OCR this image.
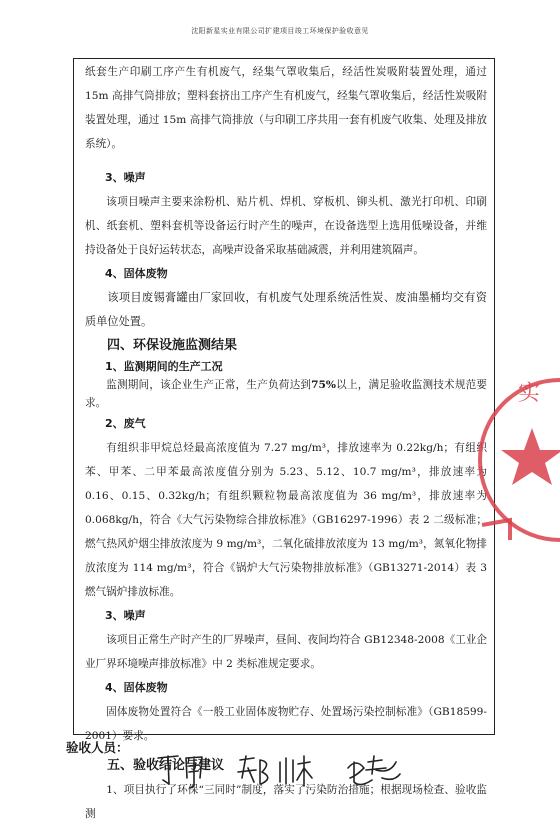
沈阳新星实业有限公司扩建项目竣工环境保护验收意见

纸套生产印刷工序产生有机废气，经集气罩收集后，经活性炭吸附装置处理，通过 15m 高排气筒排放；塑料套挤出工序产生有机废气，经集气罩收集后，经活性炭吸附装置处理，通过 15m 高排气筒排放（与印刷工序共用一套有机废气收集、处理及排放系统）。

3、噪声

该项目噪声主要来涂粉机、贴片机、焊机、穿板机、铆头机、激光打印机、印刷机、纸套机、塑料套机等设备运行时产生的噪声，在设备选型上选用低噪设备，并维持设备处于良好运转状态，高噪声设备采取基础减震，并利用建筑隔声。

4、固体废物

该项目废锡膏罐由厂家回收，有机废气处理系统活性炭、废油墨桶均交有资质单位处置。

四、环保设施监测结果

1、监测期间的生产工况

监测期间，该企业生产正常，生产负荷达到75%以上，满足验收监测技术规范要求。

2、废气

有组织非甲烷总烃最高浓度值为 7.27 mg/m³，排放速率为 0.22kg/h；有组织苯、甲苯、二甲苯最高浓度值分别为 5.23、5.12、10.7 mg/m³，排放速率为 0.16、0.15、0.32kg/h；有组织颗粒物最高浓度值为 36 mg/m³，排放速率为 0.068kg/h，符合《大气污染物综合排放标准》（GB16297-1996）表 2 二级标准；燃气热风炉烟尘排放浓度为 9 mg/m³，二氧化硫排放浓度为 13 mg/m³，氮氧化物排放浓度为 114 mg/m³，符合《锅炉大气污染物排放标准》（GB13271-2014）表 3 燃气锅炉排放标准。

3、噪声

该项目正常生产时产生的厂界噪声，昼间、夜间均符合 GB12348-2008《工业企业厂界环境噪声排放标准》中 2 类标准规定要求。

4、固体废物

固体废物处置符合《一般工业固体废物贮存、处置场污染控制标准》（GB18599- 2001）要求。

五、验收结论与建议

1、项目执行了环保“三同时”制度，落实了污染防治措施；根据现场检查、验收监测

验收人员：
实
